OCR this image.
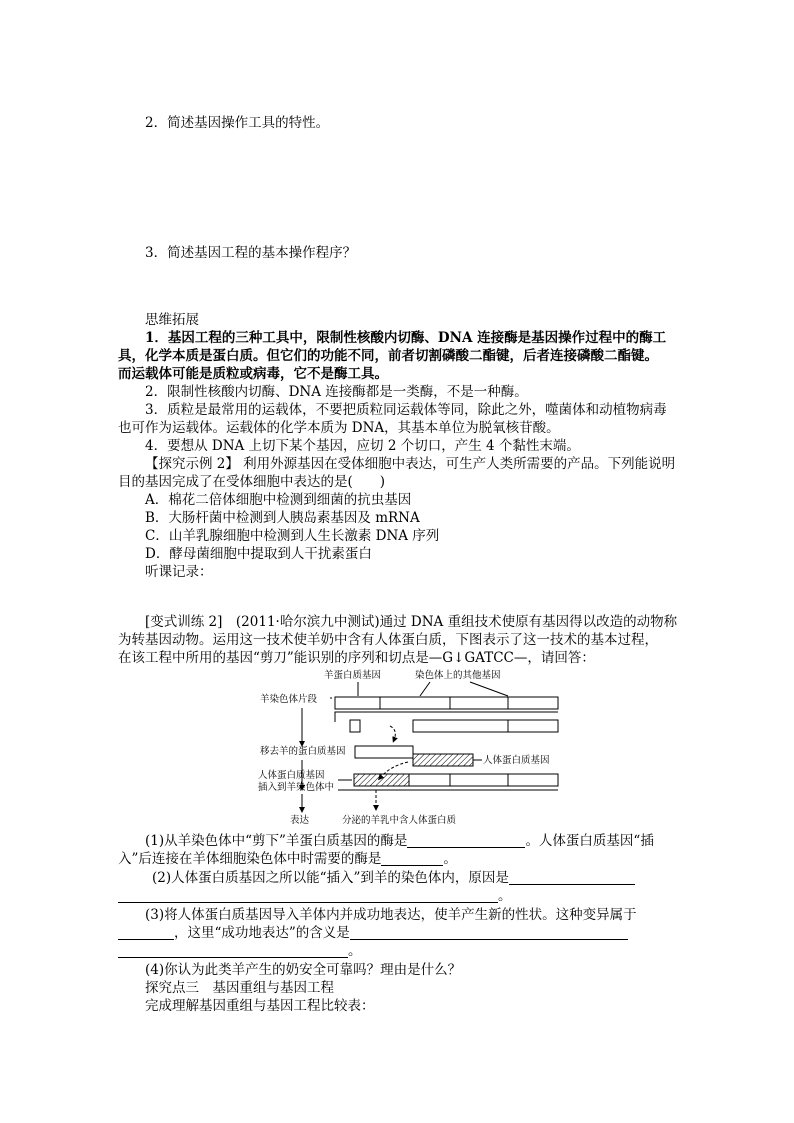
2．简述基因操作工具的特性。
3．简述基因工程的基本操作程序？
思维拓展
1．基因工程的三种工具中，限制性核酸内切酶、DNA 连接酶是基因操作过程中的酶工
具，化学本质是蛋白质。但它们的功能不同，前者切割磷酸二酯键，后者连接磷酸二酯键。
而运载体可能是质粒或病毒，它不是酶工具。
2．限制性核酸内切酶、DNA 连接酶都是一类酶，不是一种酶。
3．质粒是最常用的运载体，不要把质粒同运载体等同，除此之外，噬菌体和动植物病毒
也可作为运载体。运载体的化学本质为 DNA，其基本单位为脱氧核苷酸。
4．要想从 DNA 上切下某个基因，应切 2 个切口，产生 4 个黏性末端。
【探究示例 2】 利用外源基因在受体细胞中表达，可生产人类所需要的产品。下列能说明
目的基因完成了在受体细胞中表达的是(　　)
A．棉花二倍体细胞中检测到细菌的抗虫基因
B．大肠杆菌中检测到人胰岛素基因及 mRNA
C．山羊乳腺细胞中检测到人生长激素 DNA 序列
D．酵母菌细胞中提取到人干扰素蛋白
听课记录：
[变式训练 2]　(2011·哈尔滨九中测试)通过 DNA 重组技术使原有基因得以改造的动物称
为转基因动物。运用这一技术使羊奶中含有人体蛋白质，下图表示了这一技术的基本过程，
在该工程中所用的基因“剪刀”能识别的序列和切点是—G↓GATCC—，请回答：
羊蛋白质基因	染色体上的其他基因
羊染色体片段
移去羊的蛋白质基因
人体蛋白质基因
人体蛋白质基因
插入到羊染色体中
表达	分泌的羊乳中含人体蛋白质
(1)从羊染色体中“剪下”羊蛋白质基因的酶是	。人体蛋白质基因“插
入”后连接在羊体细胞染色体中时需要的酶是	。
(2)人体蛋白质基因之所以能“插入”到羊的染色体内，原因是
。
(3)将人体蛋白质基因导入羊体内并成功地表达，使羊产生新的性状。这种变异属于
，这里“成功地表达”的含义是
。
(4)你认为此类羊产生的奶安全可靠吗？理由是什么？
探究点三　基因重组与基因工程
完成理解基因重组与基因工程比较表：
